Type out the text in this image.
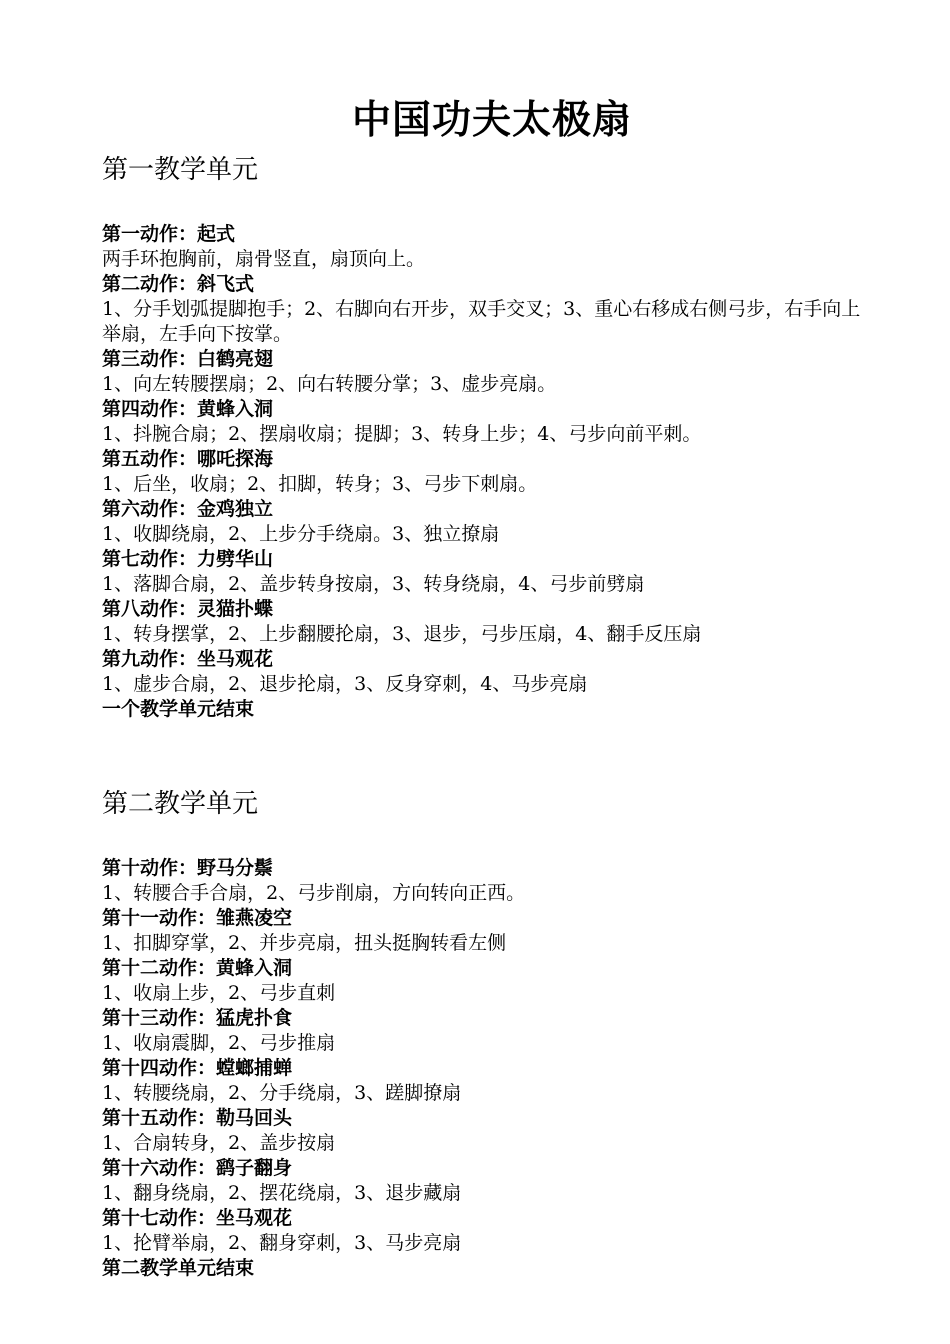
中国功夫太极扇
第一教学单元

第一动作：起式

两手环抱胸前，扇骨竖直，扇顶向上。

第二动作：斜飞式

1、分手划弧提脚抱手；2、右脚向右开步，双手交叉；3、重心右移成右侧弓步，右手向上举扇，左手向下按掌。

第三动作：白鹤亮翅

1、向左转腰摆扇；2、向右转腰分掌；3、虚步亮扇。

第四动作：黄蜂入洞

1、抖腕合扇；2、摆扇收扇；提脚；3、转身上步；4、弓步向前平刺。

第五动作：哪吒探海

1、后坐，收扇；2、扣脚，转身；3、弓步下刺扇。

第六动作：金鸡独立

1、收脚绕扇，2、上步分手绕扇。3、独立撩扇

第七动作：力劈华山

1、落脚合扇，2、盖步转身按扇，3、转身绕扇，4、弓步前劈扇

第八动作：灵猫扑蝶

1、转身摆掌，2、上步翻腰抡扇，3、退步，弓步压扇，4、翻手反压扇

第九动作：坐马观花

1、虚步合扇，2、退步抡扇，3、反身穿刺，4、马步亮扇

一个教学单元结束

第二教学单元

第十动作：野马分鬃

1、转腰合手合扇，2、弓步削扇，方向转向正西。

第十一动作：雏燕凌空

1、扣脚穿掌，2、并步亮扇，扭头挺胸转看左侧

第十二动作：黄蜂入洞

1、收扇上步，2、弓步直刺

第十三动作：猛虎扑食

1、收扇震脚，2、弓步推扇

第十四动作：螳螂捕蝉

1、转腰绕扇，2、分手绕扇，3、蹉脚撩扇

第十五动作：勒马回头

1、合扇转身，2、盖步按扇

第十六动作：鹞子翻身

1、翻身绕扇，2、摆花绕扇，3、退步藏扇

第十七动作：坐马观花

1、抡臂举扇，2、翻身穿刺，3、马步亮扇

第二教学单元结束
